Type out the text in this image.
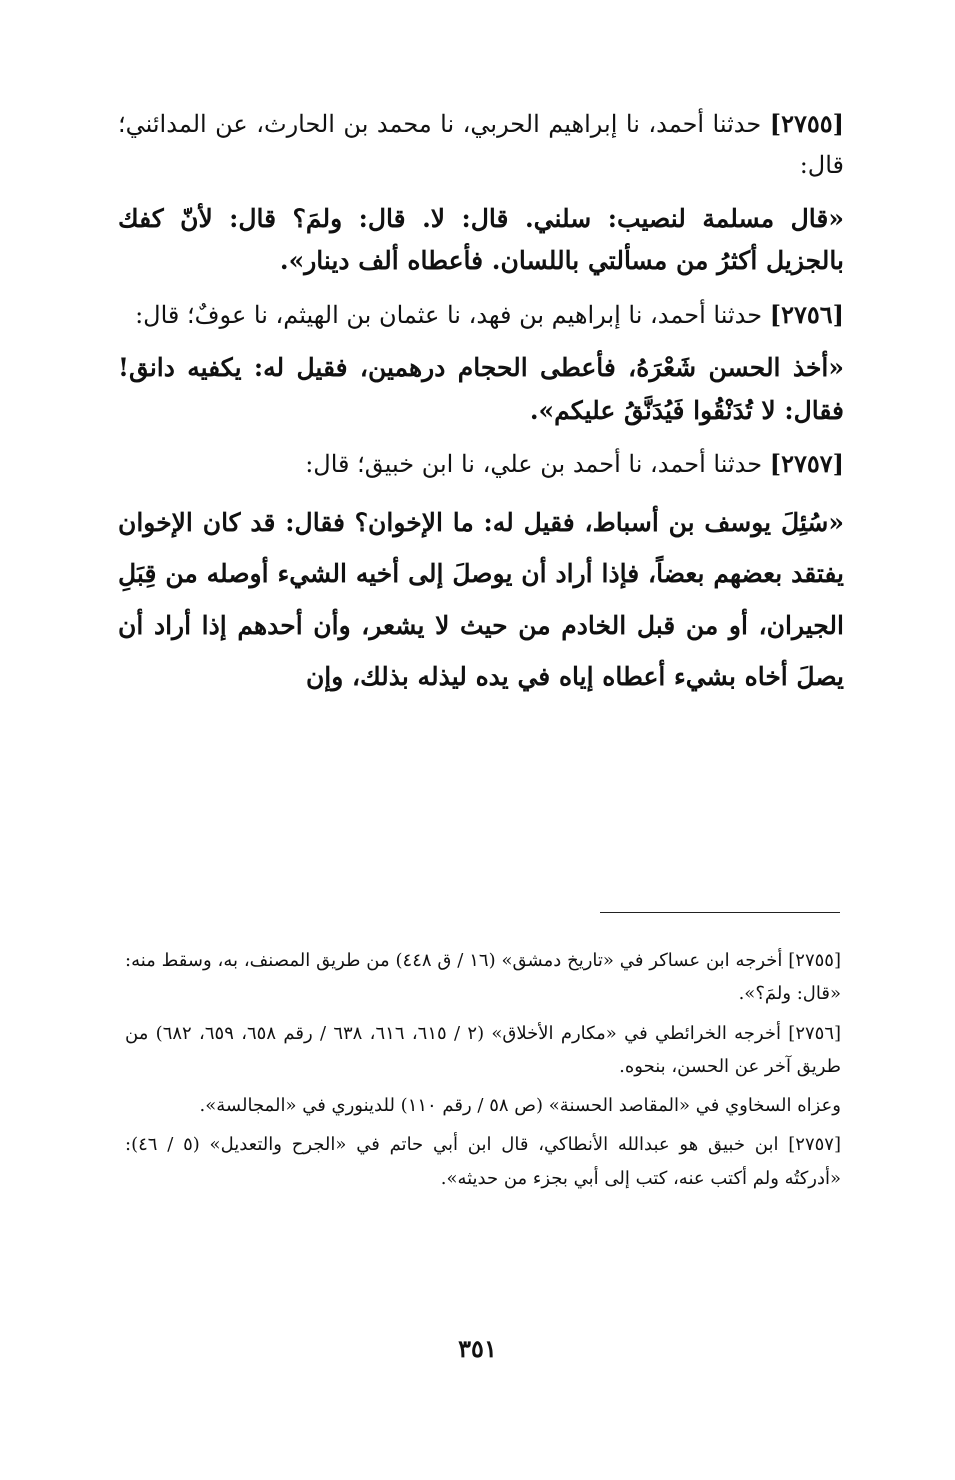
[٢٧٥٥] حدثنا أحمد، نا إبراهيم الحربي، نا محمد بن الحارث، عن المدائني؛ قال:

«قال مسلمة لنصيب: سلني. قال: لا. قال: ولمَ؟ قال: لأنّ كفك بالجزيل أكثرُ من مسألتي باللسان. فأعطاه ألف دينار».

[٢٧٥٦] حدثنا أحمد، نا إبراهيم بن فهد، نا عثمان بن الهيثم، نا عوفٌ؛ قال:

«أخذ الحسن شَعْرَهُ، فأعطى الحجام درهمين، فقيل له: يكفيه دانق! فقال: لا تُدَنْقُوا فَيُدَنَّقُ عليكم».

[٢٧٥٧] حدثنا أحمد، نا أحمد بن علي، نا ابن خبيق؛ قال:

«سُئِلَ يوسف بن أسباط، فقيل له: ما الإخوان؟ فقال: قد كان الإخوان يفتقد بعضهم بعضاً، فإذا أراد أن يوصلَ إلى أخيه الشيء أوصله من قِبَلِ الجيران، أو من قبل الخادم من حيث لا يشعر، وأن أحدهم إذا أراد أن يصلَ أخاه بشيء أعطاه إياه في يده ليذله بذلك، وإن

[٢٧٥٥] أخرجه ابن عساكر في «تاريخ دمشق» (١٦ / ق ٤٤٨) من طريق المصنف، به، وسقط منه: «قال: ولمَ؟».

[٢٧٥٦] أخرجه الخرائطي في «مكارم الأخلاق» (٢ / ٦١٥، ٦١٦، ٦٣٨ / رقم ٦٥٨، ٦٥٩، ٦٨٢) من طريق آخر عن الحسن، بنحوه.

وعزاه السخاوي في «المقاصد الحسنة» (ص ٥٨ / رقم ١١٠) للدينوري في «المجالسة».

[٢٧٥٧] ابن خبيق هو عبدالله الأنطاكي، قال ابن أبي حاتم في «الجرح والتعديل» (٥ / ٤٦): «أدركتُه ولم أكتب عنه، كتب إلى أبي بجزء من حديثه».

٣٥١
